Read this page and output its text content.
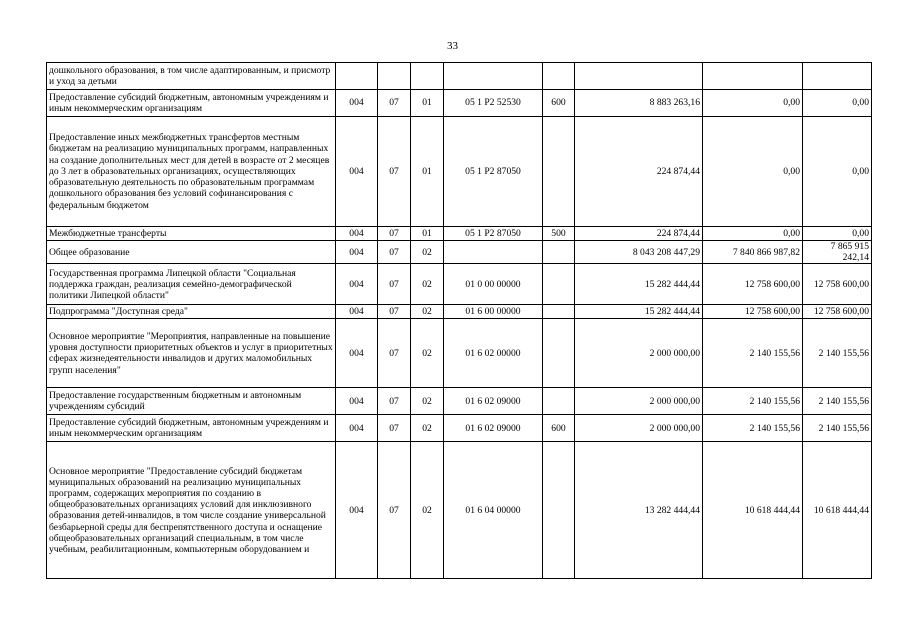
33
дошкольного образования, в том числе адаптированным, и присмотр и уход за детьми								
Предоставление субсидий бюджетным, автономным учреждениям и иным некоммерческим организациям	004	07	01	05 1 P2 52530	600	8 883 263,16	0,00	0,00
Предоставление иных межбюджетных трансфертов местным бюджетам на реализацию муниципальных программ, направленных на создание дополнительных мест для детей в возрасте от 2 месяцев до 3 лет в образовательных организациях, осуществляющих образовательную деятельность по образовательным программам дошкольного образования без условий софинансирования с федеральным бюджетом	004	07	01	05 1 P2 87050		224 874,44	0,00	0,00
Межбюджетные трансферты	004	07	01	05 1 P2 87050	500	224 874,44	0,00	0,00
Общее образование	004	07	02			8 043 208 447,29	7 840 866 987,82	7 865 915 242,14
Государственная программа Липецкой области "Социальная поддержка граждан, реализация семейно-демографической политики Липецкой области"	004	07	02	01 0 00 00000		15 282 444,44	12 758 600,00	12 758 600,00
Подпрограмма "Доступная среда"	004	07	02	01 6 00 00000		15 282 444,44	12 758 600,00	12 758 600,00
Основное мероприятие "Мероприятия, направленные на повышение уровня доступности приоритетных объектов и услуг в приоритетных сферах жизнедеятельности инвалидов и других маломобильных групп населения"	004	07	02	01 6 02 00000		2 000 000,00	2 140 155,56	2 140 155,56
Предоставление государственным бюджетным и автономным учреждениям субсидий	004	07	02	01 6 02 09000		2 000 000,00	2 140 155,56	2 140 155,56
Предоставление субсидий бюджетным, автономным учреждениям и иным некоммерческим организациям	004	07	02	01 6 02 09000	600	2 000 000,00	2 140 155,56	2 140 155,56
Основное мероприятие "Предоставление субсидий бюджетам муниципальных образований на реализацию муниципальных программ, содержащих мероприятия по созданию в общеобразовательных организациях условий для инклюзивного образования детей-инвалидов, в том числе создание универсальной безбарьерной среды для беспрепятственного доступа и оснащение общеобразовательных организаций специальным, в том числе учебным, реабилитационным, компьютерным оборудованием и	004	07	02	01 6 04 00000		13 282 444,44	10 618 444,44	10 618 444,44
